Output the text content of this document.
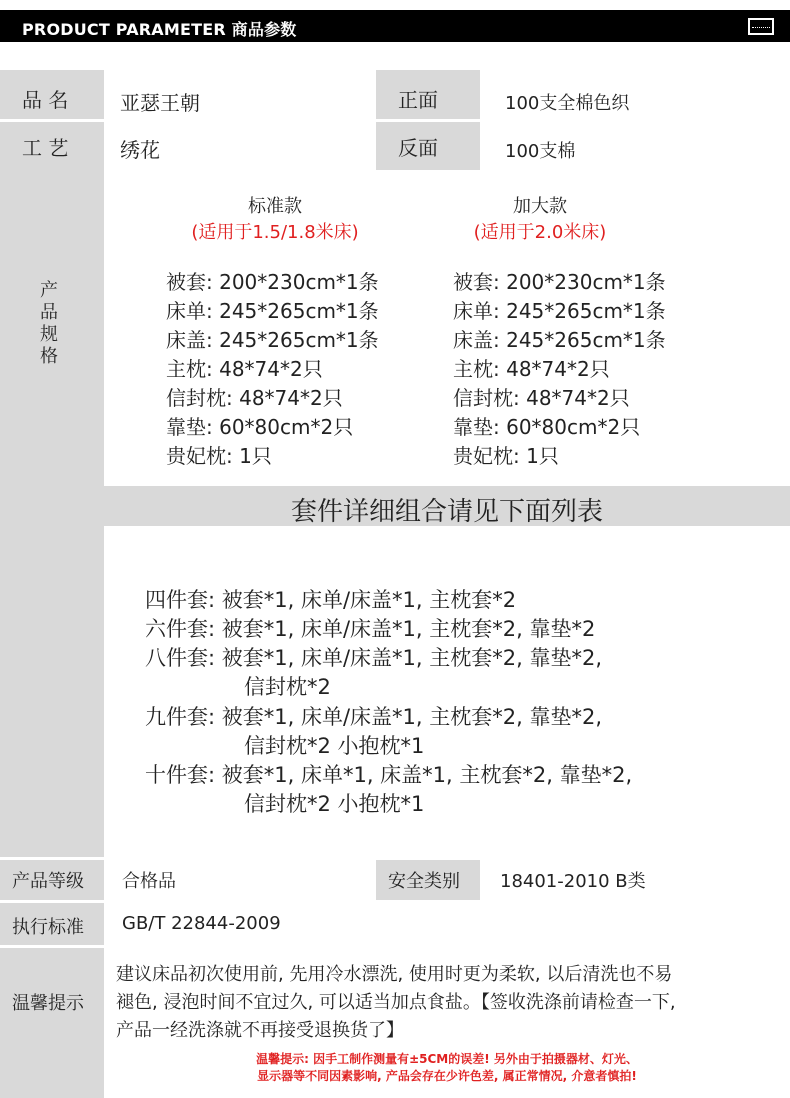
PRODUCT PARAMETER 商品参数
品 名	亚瑟王朝	正面	100支全棉色织
工 艺	绣花	反面	100支棉
产
品
规
格
标准款
(适用于1.5/1.8米床)
被套: 200*230cm*1条
床单: 245*265cm*1条
床盖: 245*265cm*1条
主枕: 48*74*2只
信封枕: 48*74*2只
靠垫: 60*80cm*2只
贵妃枕: 1只
加大款
(适用于2.0米床)
被套: 200*230cm*1条
床单: 245*265cm*1条
床盖: 245*265cm*1条
主枕: 48*74*2只
信封枕: 48*74*2只
靠垫: 60*80cm*2只
贵妃枕: 1只
套件详细组合请见下面列表
四件套: 被套*1, 床单/床盖*1, 主枕套*2
六件套: 被套*1, 床单/床盖*1, 主枕套*2, 靠垫*2
八件套: 被套*1, 床单/床盖*1, 主枕套*2, 靠垫*2,
信封枕*2
九件套: 被套*1, 床单/床盖*1, 主枕套*2, 靠垫*2,
信封枕*2 小抱枕*1
十件套: 被套*1, 床单*1, 床盖*1, 主枕套*2, 靠垫*2,
信封枕*2 小抱枕*1
产品等级 合格品	安全类别 18401-2010 B类
执行标准 GB/T 22844-2009
温馨提示
建议床品初次使用前, 先用冷水漂洗, 使用时更为柔软, 以后清洗也不易
褪色, 浸泡时间不宜过久, 可以适当加点食盐。【签收洗涤前请检查一下,
产品一经洗涤就不再接受退换货了】
温馨提示: 因手工制作测量有±5CM的误差! 另外由于拍摄器材、灯光、
显示器等不同因素影响, 产品会存在少许色差, 属正常情况, 介意者慎拍!
